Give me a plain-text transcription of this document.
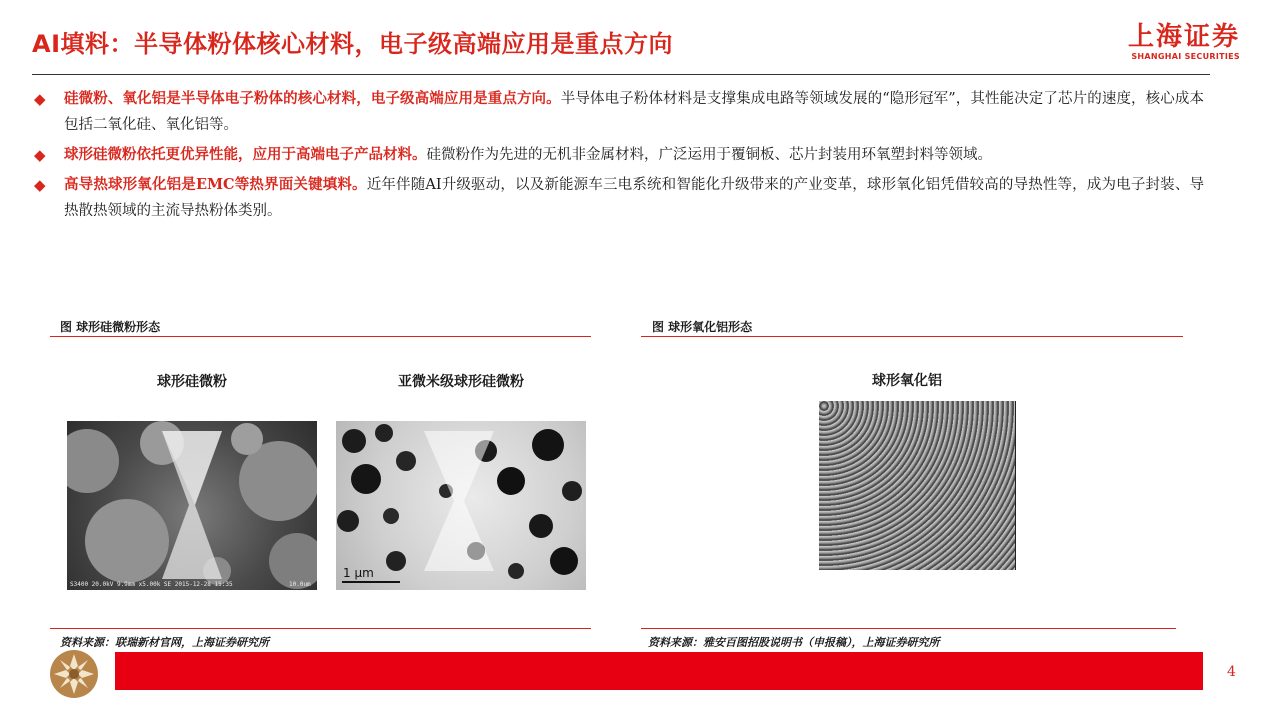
AI填料：半导体粉体核心材料，电子级高端应用是重点方向	上海证券
SHANGHAI SECURITIES
◆ 硅微粉、氧化铝是半导体电子粉体的核心材料，电子级高端应用是重点方向。半导体电子粉体材料是支撑集成电路等领域发展的“隐形冠军”，其性能决定了芯片的速度，核心成本包括二氧化硅、氧化铝等。
◆ 球形硅微粉依托更优异性能，应用于高端电子产品材料。硅微粉作为先进的无机非金属材料，广泛运用于覆铜板、芯片封装用环氧塑封料等领域。
◆ 高导热球形氧化铝是EMC等热界面关键填料。近年伴随AI升级驱动，以及新能源车三电系统和智能化升级带来的产业变革，球形氧化铝凭借较高的导热性等，成为电子封装、导热散热领域的主流导热粉体类别。
图 球形硅微粉形态
球形硅微粉	亚微米级球形硅微粉
S3400 20.0kV 9.9mm x5.00k SE 2015-12-28 15:35	10.0um
1 μm
资料来源：联瑞新材官网，上海证券研究所
图 球形氧化铝形态
球形氧化铝
资料来源：雅安百图招股说明书（申报稿），上海证券研究所
4
